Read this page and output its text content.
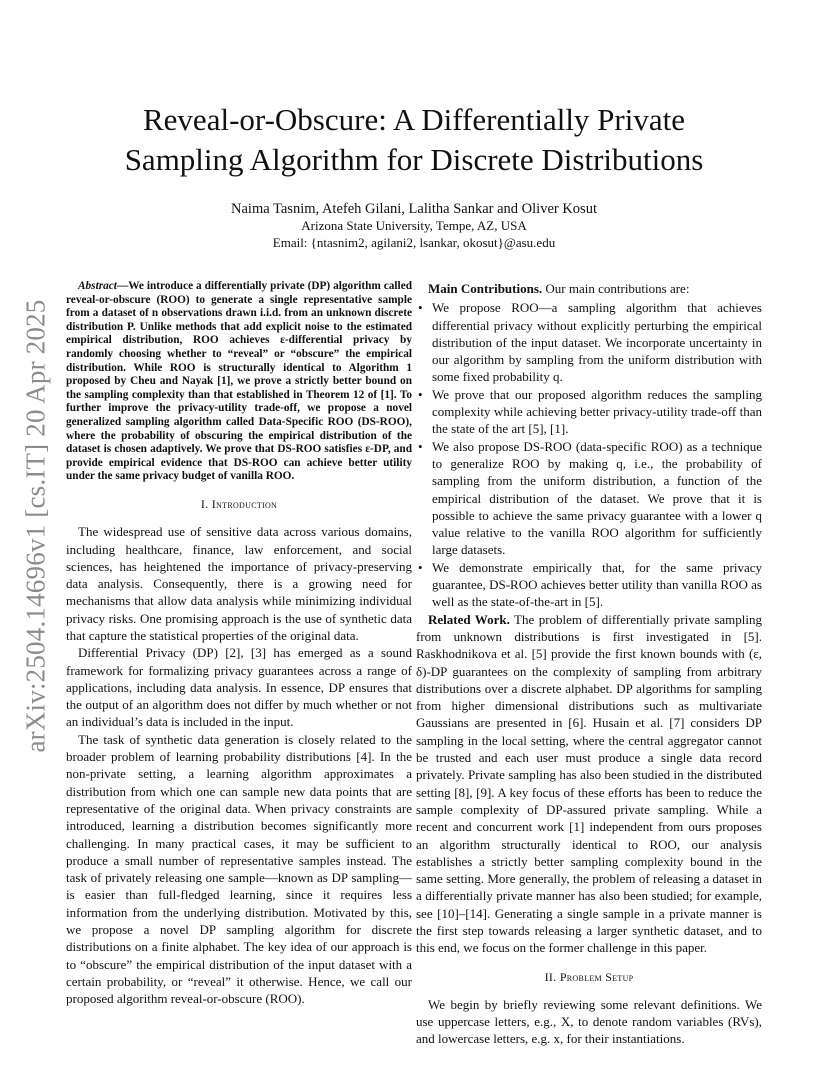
arXiv:2504.14696v1 [cs.IT] 20 Apr 2025
Reveal-or-Obscure: A Differentially Private
Sampling Algorithm for Discrete Distributions
Naima Tasnim, Atefeh Gilani, Lalitha Sankar and Oliver Kosut
Arizona State University, Tempe, AZ, USA
Email: {ntasnim2, agilani2, lsankar, okosut}@asu.edu

Abstract—We introduce a differentially private (DP) algorithm called reveal-or-obscure (ROO) to generate a single representative sample from a dataset of n observations drawn i.i.d. from an unknown discrete distribution P. Unlike methods that add explicit noise to the estimated empirical distribution, ROO achieves ε-differential privacy by randomly choosing whether to “reveal” or “obscure” the empirical distribution. While ROO is structurally identical to Algorithm 1 proposed by Cheu and Nayak [1], we prove a strictly better bound on the sampling complexity than that established in Theorem 12 of [1]. To further improve the privacy-utility trade-off, we propose a novel generalized sampling algorithm called Data-Specific ROO (DS-ROO), where the probability of obscuring the empirical distribution of the dataset is chosen adaptively. We prove that DS-ROO satisfies ε-DP, and provide empirical evidence that DS-ROO can achieve better utility under the same privacy budget of vanilla ROO.

I. Introduction

The widespread use of sensitive data across various domains, including healthcare, finance, law enforcement, and social sciences, has heightened the importance of privacy-preserving data analysis. Consequently, there is a growing need for mechanisms that allow data analysis while minimizing individual privacy risks. One promising approach is the use of synthetic data that capture the statistical properties of the original data.

Differential Privacy (DP) [2], [3] has emerged as a sound framework for formalizing privacy guarantees across a range of applications, including data analysis. In essence, DP ensures that the output of an algorithm does not differ by much whether or not an individual’s data is included in the input.

The task of synthetic data generation is closely related to the broader problem of learning probability distributions [4]. In the non-private setting, a learning algorithm approximates a distribution from which one can sample new data points that are representative of the original data. When privacy constraints are introduced, learning a distribution becomes significantly more challenging. In many practical cases, it may be sufficient to produce a small number of representative samples instead. The task of privately releasing one sample—known as DP sampling—is easier than full-fledged learning, since it requires less information from the underlying distribution. Motivated by this, we propose a novel DP sampling algorithm for discrete distributions on a finite alphabet. The key idea of our approach is to “obscure” the empirical distribution of the input dataset with a certain probability, or “reveal” it otherwise. Hence, we call our proposed algorithm reveal-or-obscure (ROO).

Main Contributions. Our main contributions are:

• We propose ROO—a sampling algorithm that achieves differential privacy without explicitly perturbing the empirical distribution of the input dataset. We incorporate uncertainty in our algorithm by sampling from the uniform distribution with some fixed probability q.
• We prove that our proposed algorithm reduces the sampling complexity while achieving better privacy-utility trade-off than the state of the art [5], [1].
• We also propose DS-ROO (data-specific ROO) as a technique to generalize ROO by making q, i.e., the probability of sampling from the uniform distribution, a function of the empirical distribution of the dataset. We prove that it is possible to achieve the same privacy guarantee with a lower q value relative to the vanilla ROO algorithm for sufficiently large datasets.
• We demonstrate empirically that, for the same privacy guarantee, DS-ROO achieves better utility than vanilla ROO as well as the state-of-the-art in [5].

Related Work. The problem of differentially private sampling from unknown distributions is first investigated in [5]. Raskhodnikova et al. [5] provide the first known bounds with (ε, δ)-DP guarantees on the complexity of sampling from arbitrary distributions over a discrete alphabet. DP algorithms for sampling from higher dimensional distributions such as multivariate Gaussians are presented in [6]. Husain et al. [7] considers DP sampling in the local setting, where the central aggregator cannot be trusted and each user must produce a single data record privately. Private sampling has also been studied in the distributed setting [8], [9]. A key focus of these efforts has been to reduce the sample complexity of DP-assured private sampling. While a recent and concurrent work [1] independent from ours proposes an algorithm structurally identical to ROO, our analysis establishes a strictly better sampling complexity bound in the same setting. More generally, the problem of releasing a dataset in a differentially private manner has also been studied; for example, see [10]–[14]. Generating a single sample in a private manner is the first step towards releasing a larger synthetic dataset, and to this end, we focus on the former challenge in this paper.

II. Problem Setup

We begin by briefly reviewing some relevant definitions. We use uppercase letters, e.g., X, to denote random variables (RVs), and lowercase letters, e.g. x, for their instantiations.
